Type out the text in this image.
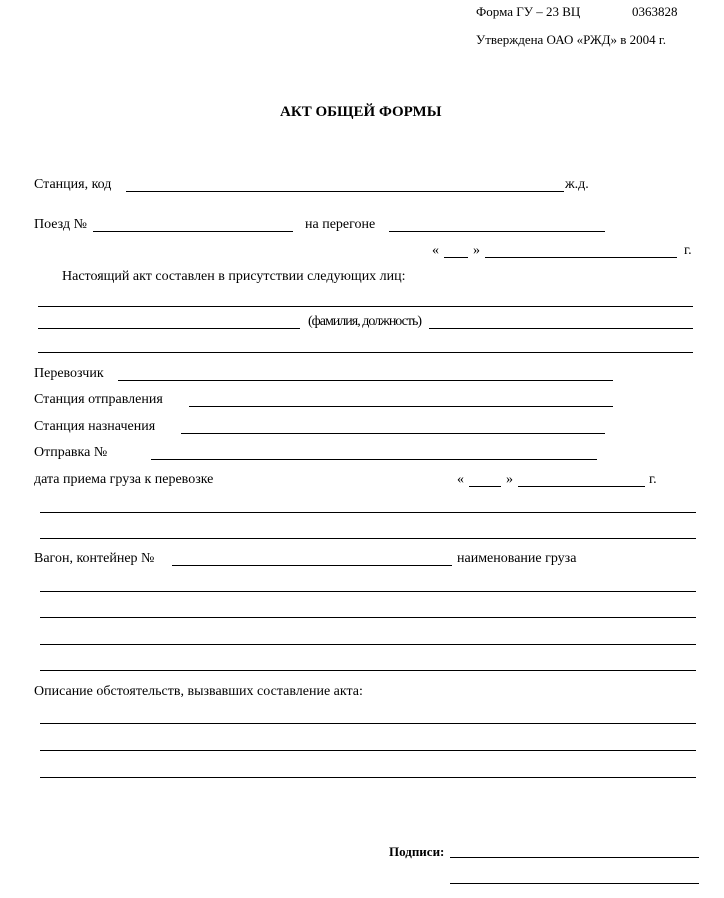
Форма ГУ – 23 ВЦ	0363828
Утверждена ОАО «РЖД» в 2004 г.
АКТ ОБЩЕЙ ФОРМЫ
Станция, код	ж.д.
Поезд №	на перегоне
« »	г.
Настоящий акт составлен в присутствии следующих лиц:
(фамилия, должность)
Перевозчик
Станция отправления
Станция назначения
Отправка №
дата приема груза к перевозке	«	»	г.
Вагон, контейнер №	наименование груза
Описание обстоятельств, вызвавших составление акта:
Подписи:
